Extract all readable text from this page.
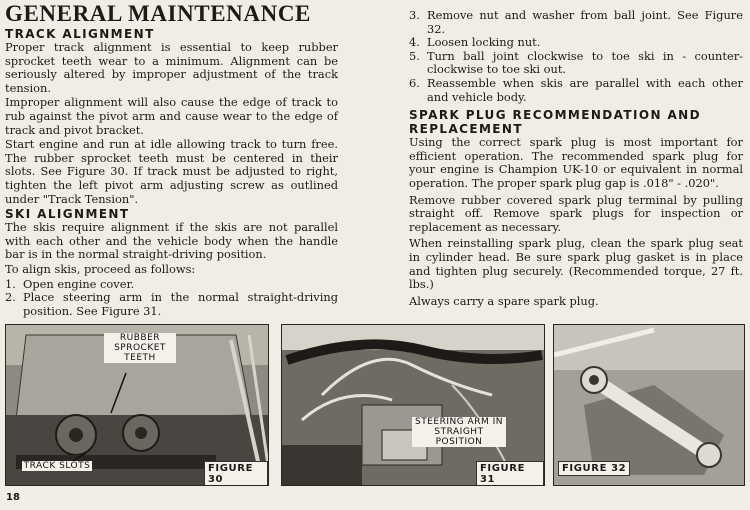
GENERAL MAINTENANCE
TRACK ALIGNMENT

Proper track alignment is essential to keep rubber sprocket teeth wear to a minimum. Alignment can be seriously altered by improper adjustment of the track tension.

Improper alignment will also cause the edge of track to rub against the pivot arm and cause wear to the edge of track and pivot bracket.

Start engine and run at idle allowing track to turn free. The rubber sprocket teeth must be centered in their slots. See Figure 30. If track must be adjusted to right, tighten the left pivot arm adjusting screw as outlined under "Track Tension".

SKI ALIGNMENT

The skis require alignment if the skis are not parallel with each other and the vehicle body when the handle bar is in the normal straight-driving position.

To align skis, proceed as follows:

1. Open engine cover.
2. Place steering arm in the normal straight-driving position. See Figure 31.
3. Remove nut and washer from ball joint. See Figure 32.
4. Loosen locking nut.
5. Turn ball joint clockwise to toe ski in - counter-clockwise to toe ski out.
6. Reassemble when skis are parallel with each other and vehicle body.
SPARK PLUG RECOMMENDATION AND REPLACEMENT

Using the correct spark plug is most important for efficient operation. The recommended spark plug for your engine is Champion UK-10 or equivalent in normal operation. The proper spark plug gap is .018" - .020".

Remove rubber covered spark plug terminal by pulling straight off. Remove spark plugs for inspection or replacement as necessary.

When reinstalling spark plug, clean the spark plug seat in cylinder head. Be sure spark plug gasket is in place and tighten plug securely. (Recommended torque, 27 ft. lbs.)

Always carry a spare spark plug.

RUBBER SPROCKET TEETH
TRACK SLOTS	FIGURE 30
STEERING ARM IN STRAIGHT POSITION
FIGURE 31
FIGURE 32
18
